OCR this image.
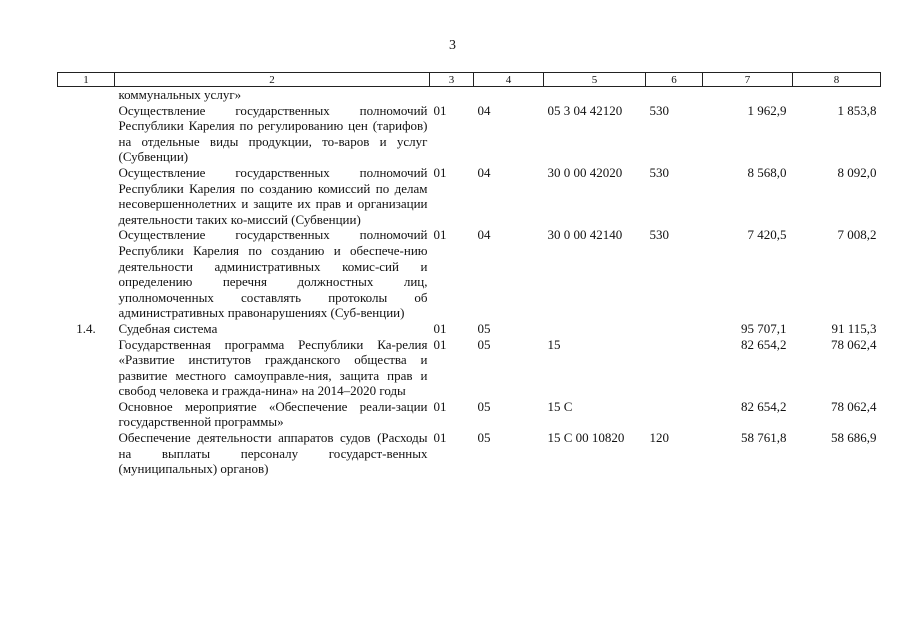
3
1	2	3	4	5	6	7	8
	коммунальных услуг»						
	Осуществление государственных полномочий Республики Карелия по регулированию цен (тарифов) на отдельные виды продукции, то-варов и услуг (Субвенции)	01	04	05 3 04 42120	530	1 962,9	1 853,8
	Осуществление государственных полномочий Республики Карелия по созданию комиссий по делам несовершеннолетних и защите их прав и организации деятельности таких ко-миссий (Субвенции)	01	04	30 0 00 42020	530	8 568,0	8 092,0
	Осуществление государственных полномочий Республики Карелия по созданию и обеспече-нию деятельности административных комис-сий и определению перечня должностных лиц, уполномоченных составлять протоколы об административных правонарушениях (Суб-венции)	01	04	30 0 00 42140	530	7 420,5	7 008,2
1.4.	Судебная система	01	05			95 707,1	91 115,3
	Государственная программа Республики Ка-релия «Развитие институтов гражданского общества и развитие местного самоуправле-ния, защита прав и свобод человека и гражда-нина» на 2014–2020 годы	01	05	15		82 654,2	78 062,4
	Основное мероприятие «Обеспечение реали-зации государственной программы»	01	05	15 С		82 654,2	78 062,4
	Обеспечение деятельности аппаратов судов (Расходы на выплаты персоналу государст-венных (муниципальных) органов)	01	05	15 С 00 10820	120	58 761,8	58 686,9
